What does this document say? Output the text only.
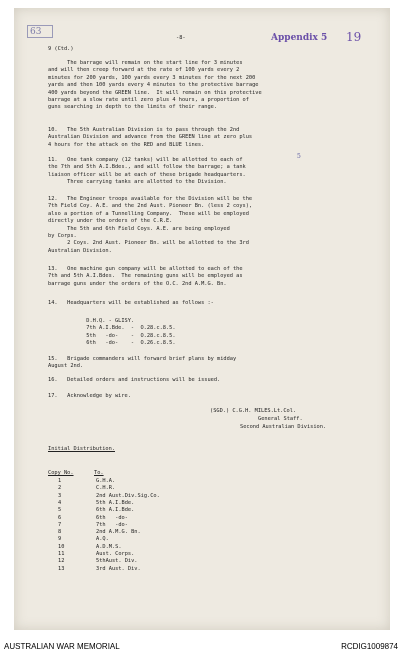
63
-8-	Appendix 5 19
9 (Ctd.)
The barrage will remain on the start line for 3 minutes
and will then creep forward at the rate of 100 yards every 2
minutes for 200 yards, 100 yards every 3 minutes for the next 200
yards and then 100 yards every 4 minutes to the protective barrage
400 yards beyond the GREEN line.  It will remain on this protective
barrage at a slow rate until zero plus 4 hours, a proportion of
guns searching in depth to the limits of their range.
10.   The 5th Australian Division is to pass through the 2nd
Australian Division and advance from the GREEN line at zero plus
4 hours for the attack on the RED and BLUE lines.
11.   One tank company (12 tanks) will be allotted to each of
the 7th and 5th A.I.Bdes., and will follow the barrage; a tank
liaison officer will be at each of these brigade headquarters.
Three carrying tanks are allotted to the Division.
5
12.   The Engineer troops available for the Division will be the
7th Field Coy. A.E. and the 2nd Aust. Pioneer Bn. (less 2 coys),
also a portion of a Tunnelling Company.  These will be employed
directly under the orders of the C.R.E.
The 5th and 6th Field Coys. A.E. are being employed
by Corps.
2 Coys. 2nd Aust. Pioneer Bn. will be allotted to the 3rd
Australian Division.
13.   One machine gun company will be allotted to each of the
7th and 5th A.I.Bdes.  The remaining guns will be employed as
barrage guns under the orders of the O.C. 2nd A.M.G. Bn.
14.   Headquarters will be established as follows :-
D.H.Q. - GLISY.
7th A.I.Bde.  -  O.28.c.8.5.
5th   -do-    -  O.28.c.8.5.
6th   -do-    -  O.26.c.8.5.
15.   Brigade commanders will forward brief plans by midday
August 2nd.
16.   Detailed orders and instructions will be issued.
17.   Acknowledge by wire.
(SGD.) C.G.H. MILES.Lt.Col.
General Staff.
Second Australian Division.
Initial Distribution.
Copy No.	To.
1	G.H.A.
2	C.H.R.
3	2nd Aust.Div.Sig.Co.
4	5th A.I.Bde.
5	6th A.I.Bde.
6	6th   -do-
7	7th   -do-
8	2nd A.M.G. Bn.
9	A.Q.
10	A.D.M.S.
11	Aust. Corps.
12	5thAust. Div.
13	3rd Aust. Div.
AUSTRALIAN WAR MEMORIAL	RCDIG1009874
